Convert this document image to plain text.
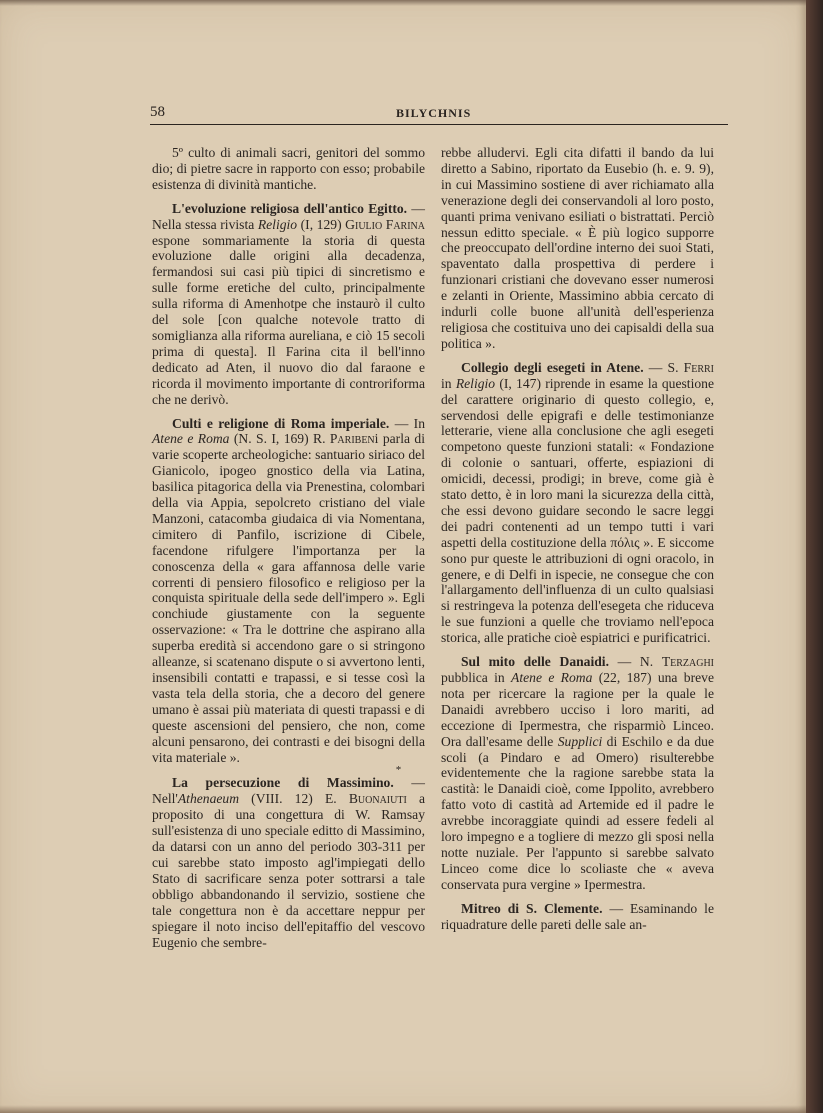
58	BILYCHNIS

5º culto di animali sacri, genitori del sommo dio; di pietre sacre in rapporto con esso; probabile esistenza di divinità mantiche.

L'evoluzione religiosa dell'antico Egitto. — Nella stessa rivista Religio (I, 129) Giulio Farina espone sommariamente la storia di questa evoluzione dalle origini alla decadenza, fermandosi sui casi più tipici di sincretismo e sulle forme eretiche del culto, principalmente sulla riforma di Amenhotpe che instaurò il culto del sole [con qualche notevole tratto di somiglianza alla riforma aureliana, e ciò 15 secoli prima di questa]. Il Farina cita il bell'inno dedicato ad Aten, il nuovo dio dal faraone e ricorda il movimento importante di controriforma che ne derivò.

Culti e religione di Roma imperiale. — In Atene e Roma (N. S. I, 169) R. Paribeni parla di varie scoperte archeologiche: santuario siriaco del Gianicolo, ipogeo gnostico della via Latina, basilica pitagorica della via Prenestina, colombari della via Appia, sepolcreto cristiano del viale Manzoni, catacomba giudaica di via Nomentana, cimitero di Panfilo, iscrizione di Cibele, facendone rifulgere l'importanza per la conoscenza della « gara affannosa delle varie correnti di pensiero filosofico e religioso per la conquista spirituale della sede dell'impero ». Egli conchiude giustamente con la seguente osservazione: « Tra le dottrine che aspirano alla superba eredità si accendono gare o si stringono alleanze, si scatenano dispute o si avvertono lenti, insensibili contatti e trapassi, e si tesse così la vasta tela della storia, che a decoro del genere umano è assai più materiata di questi trapassi e di queste ascensioni del pensiero, che non, come alcuni pensarono, dei contrasti e dei bisogni della vita materiale ».

*

La persecuzione di Massimino. — Nell'Athenaeum (VIII. 12) E. Buonaiuti a proposito di una congettura di W. Ramsay sull'esistenza di uno speciale editto di Massimino, da datarsi con un anno del periodo 303-311 per cui sarebbe stato imposto agl'impiegati dello Stato di sacrificare senza poter sottrarsi a tale obbligo abbandonando il servizio, sostiene che tale congettura non è da accettare neppur per spiegare il noto inciso dell'epitaffio del vescovo Eugenio che sembre-

rebbe alludervi. Egli cita difatti il bando da lui diretto a Sabino, riportato da Eusebio (h. e. 9. 9), in cui Massimino sostiene di aver richiamato alla venerazione degli dei conservandoli al loro posto, quanti prima venivano esiliati o bistrattati. Perciò nessun editto speciale. « È più logico supporre che preoccupato dell'ordine interno dei suoi Stati, spaventato dalla prospettiva di perdere i funzionari cristiani che dovevano esser numerosi e zelanti in Oriente, Massimino abbia cercato di indurli colle buone all'unità dell'esperienza religiosa che costituiva uno dei capisaldi della sua politica ».

Collegio degli esegeti in Atene. — S. Ferri in Religio (I, 147) riprende in esame la questione del carattere originario di questo collegio, e, servendosi delle epigrafi e delle testimonianze letterarie, viene alla conclusione che agli esegeti competono queste funzioni statali: « Fondazione di colonie o santuari, offerte, espiazioni di omicidi, decessi, prodigi; in breve, come già è stato detto, è in loro mani la sicurezza della città, che essi devono guidare secondo le sacre leggi dei padri contenenti ad un tempo tutti i vari aspetti della costituzione della πόλις ». E siccome sono pur queste le attribuzioni di ogni oracolo, in genere, e di Delfi in ispecie, ne consegue che con l'allargamento dell'influenza di un culto qualsiasi si restringeva la potenza dell'esegeta che riduceva le sue funzioni a quelle che troviamo nell'epoca storica, alle pratiche cioè espiatrici e purificatrici.

Sul mito delle Danaidi. — N. Terzaghi pubblica in Atene e Roma (22, 187) una breve nota per ricercare la ragione per la quale le Danaidi avrebbero ucciso i loro mariti, ad eccezione di Ipermestra, che risparmiò Linceo. Ora dall'esame delle Supplici di Eschilo e da due scoli (a Pindaro e ad Omero) risulterebbe evidentemente che la ragione sarebbe stata la castità: le Danaidi cioè, come Ippolito, avrebbero fatto voto di castità ad Artemide ed il padre le avrebbe incoraggiate quindi ad essere fedeli al loro impegno e a togliere di mezzo gli sposi nella notte nuziale. Per l'appunto si sarebbe salvato Linceo come dice lo scoliaste che « aveva conservata pura vergine » Ipermestra.

Mitreo di S. Clemente. — Esaminando le riquadrature delle pareti delle sale an-
